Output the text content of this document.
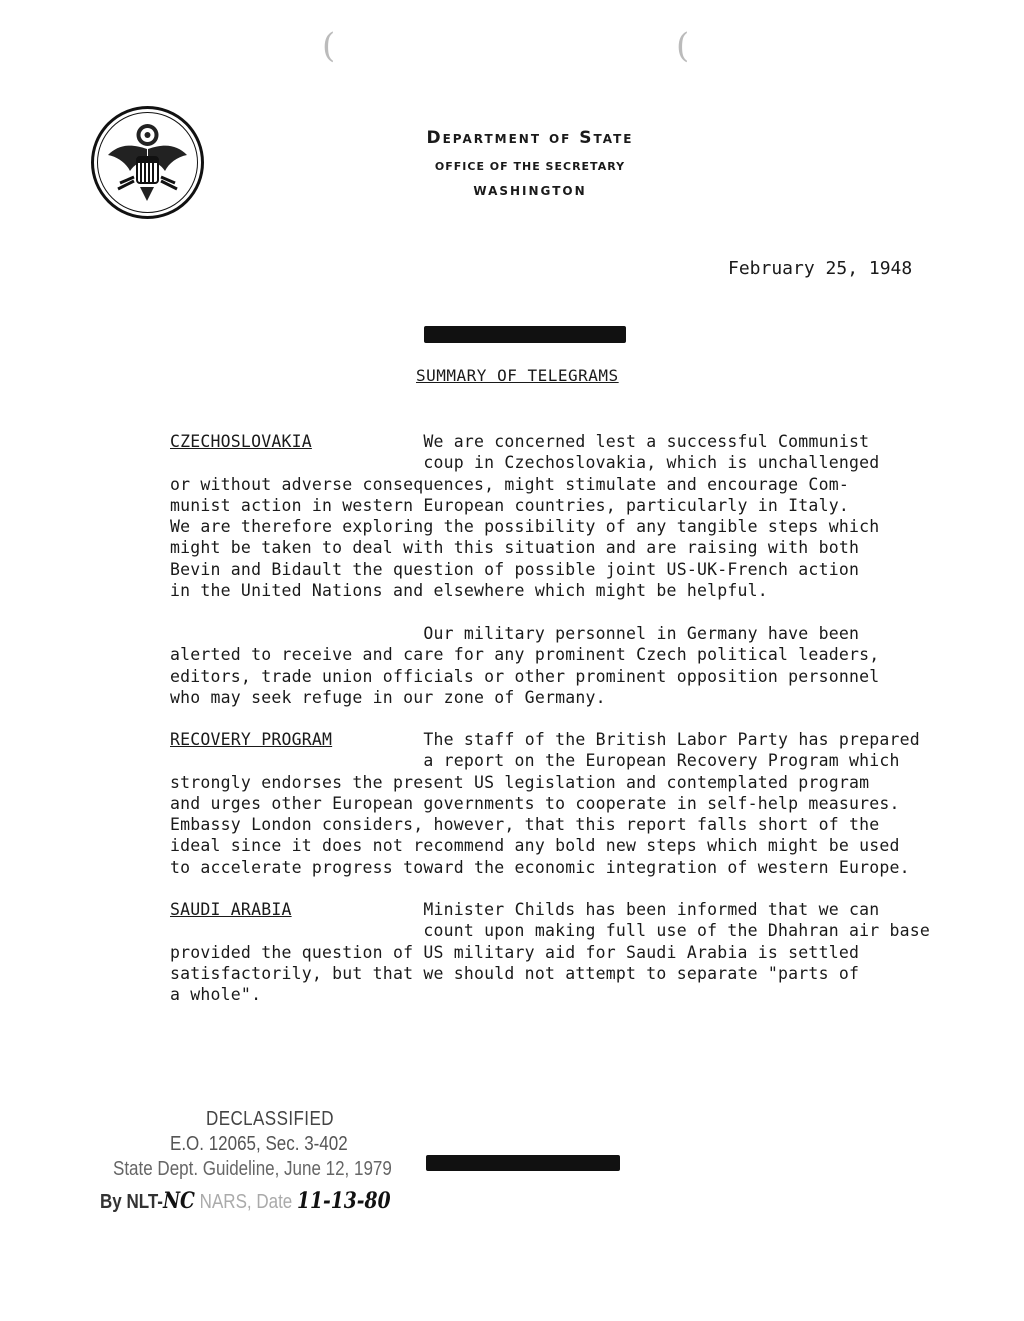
(	(
Department of State
OFFICE OF THE SECRETARY
WASHINGTON
February 25, 1948
SUMMARY OF TELEGRAMS
CZECHOSLOVAKIA	We are concerned lest a successful Communist
coup in Czechoslovakia, which is unchallenged
or without adverse consequences, might stimulate and encourage Com-
munist action in western European countries, particularly in Italy.
We are therefore exploring the possibility of any tangible steps which
might be taken to deal with this situation and are raising with both
Bevin and Bidault the question of possible joint US-UK-French action
in the United Nations and elsewhere which might be helpful.
Our military personnel in Germany have been
alerted to receive and care for any prominent Czech political leaders,
editors, trade union officials or other prominent opposition personnel
who may seek refuge in our zone of Germany.
RECOVERY PROGRAM	The staff of the British Labor Party has prepared
a report on the European Recovery Program which
strongly endorses the present US legislation and contemplated program
and urges other European governments to cooperate in self-help measures.
Embassy London considers, however, that this report falls short of the
ideal since it does not recommend any bold new steps which might be used
to accelerate progress toward the economic integration of western Europe.
SAUDI ARABIA	Minister Childs has been informed that we can
count upon making full use of the Dhahran air base
provided the question of US military aid for Saudi Arabia is settled
satisfactorily, but that we should not attempt to separate "parts of
a whole".
DECLASSIFIED
E.O. 12065, Sec. 3-402
State Dept. Guideline, June 12, 1979
By NLT-NC NARS, Date 11-13-80
